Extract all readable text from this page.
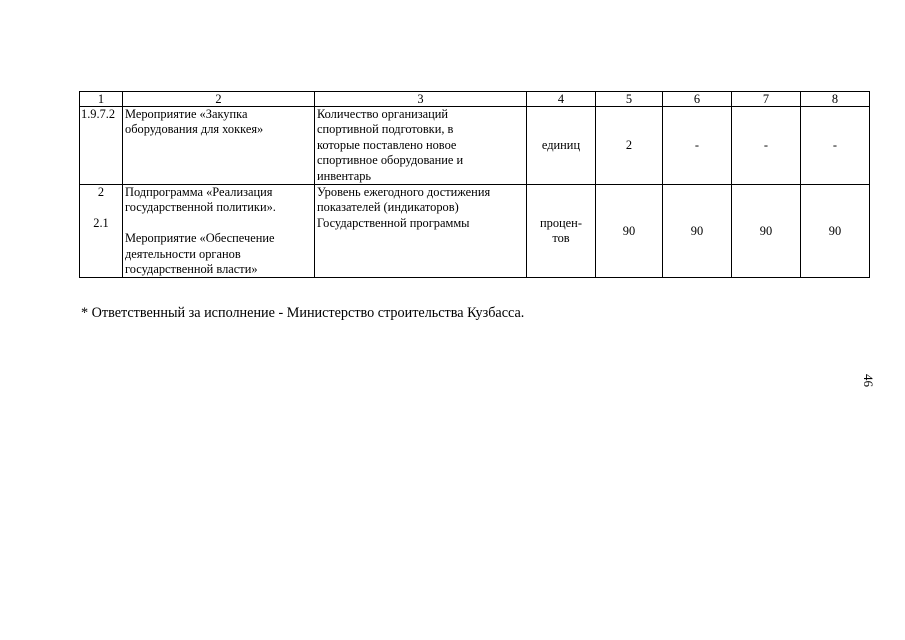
1	2	3	4	5	6	7	8
1.9.7.2	Мероприятие «Закупка
оборудования для хоккея»	Количество организаций
спортивной подготовки, в
которые поставлено новое
спортивное оборудование и
инвентарь	единиц	2	-	-	-

2
2.1	Подпрограмма «Реализация
государственной политики».
Мероприятие «Обеспечение
деятельности органов
государственной власти»	Уровень ежегодного достижения
показателей (индикаторов)
Государственной программы	процен-
тов	90	90	90	90
* Ответственный за исполнение - Министерство строительства Кузбасса.
46
